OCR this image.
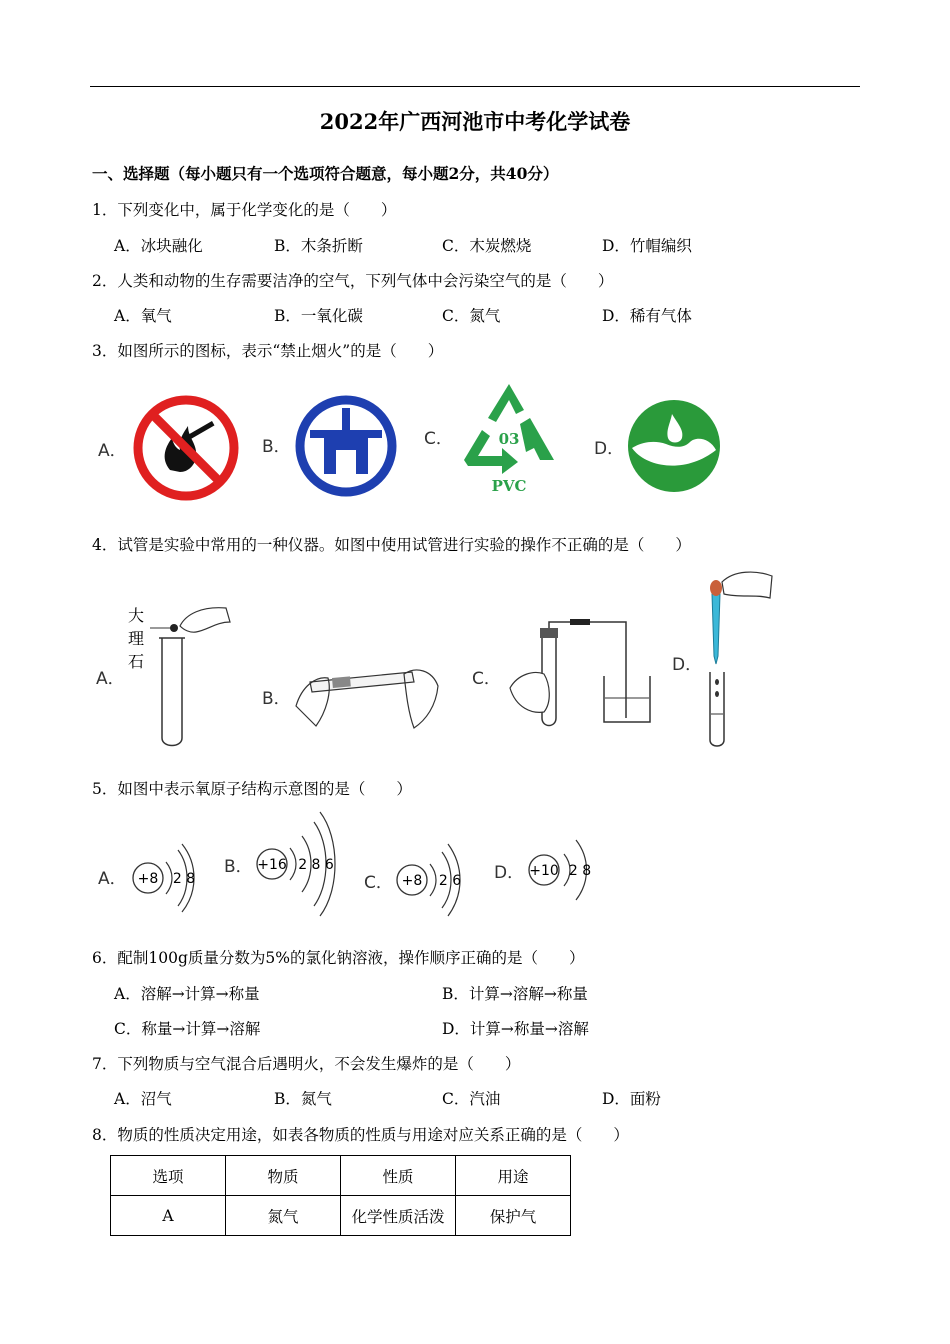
2022年广西河池市中考化学试卷
一、选择题（每小题只有一个选项符合题意，每小题2分，共40分）
1．下列变化中，属于化学变化的是（　　）
A．冰块融化	B．木条折断	C．木炭燃烧	D．竹帽编织
2．人类和动物的生存需要洁净的空气，下列气体中会污染空气的是（　　）
A．氧气	B．一氧化碳	C．氮气	D．稀有气体
3．如图所示的图标，表示“禁止烟火”的是（　　）
A．	B．	C．	03
PVC
D．
4．试管是实验中常用的一种仪器。如图中使用试管进行实验的操作不正确的是（　　）
A．
大
理
石
B．
C．
D．
5．如图中表示氧原子结构示意图的是（　　）
A． +8 2 8
B． +16 2 8 6
C． +8 2 6 D． +10 2 8
6．配制100g质量分数为5%的氯化钠溶液，操作顺序正确的是（　　）
A．溶解→计算→称量	B．计算→溶解→称量
C．称量→计算→溶解	D．计算→称量→溶解
7．下列物质与空气混合后遇明火，不会发生爆炸的是（　　）
A．沼气	B．氮气	C．汽油	D．面粉
8．物质的性质决定用途，如表各物质的性质与用途对应关系正确的是（　　）
选项	物质	性质	用途
A	氮气	化学性质活泼	保护气
